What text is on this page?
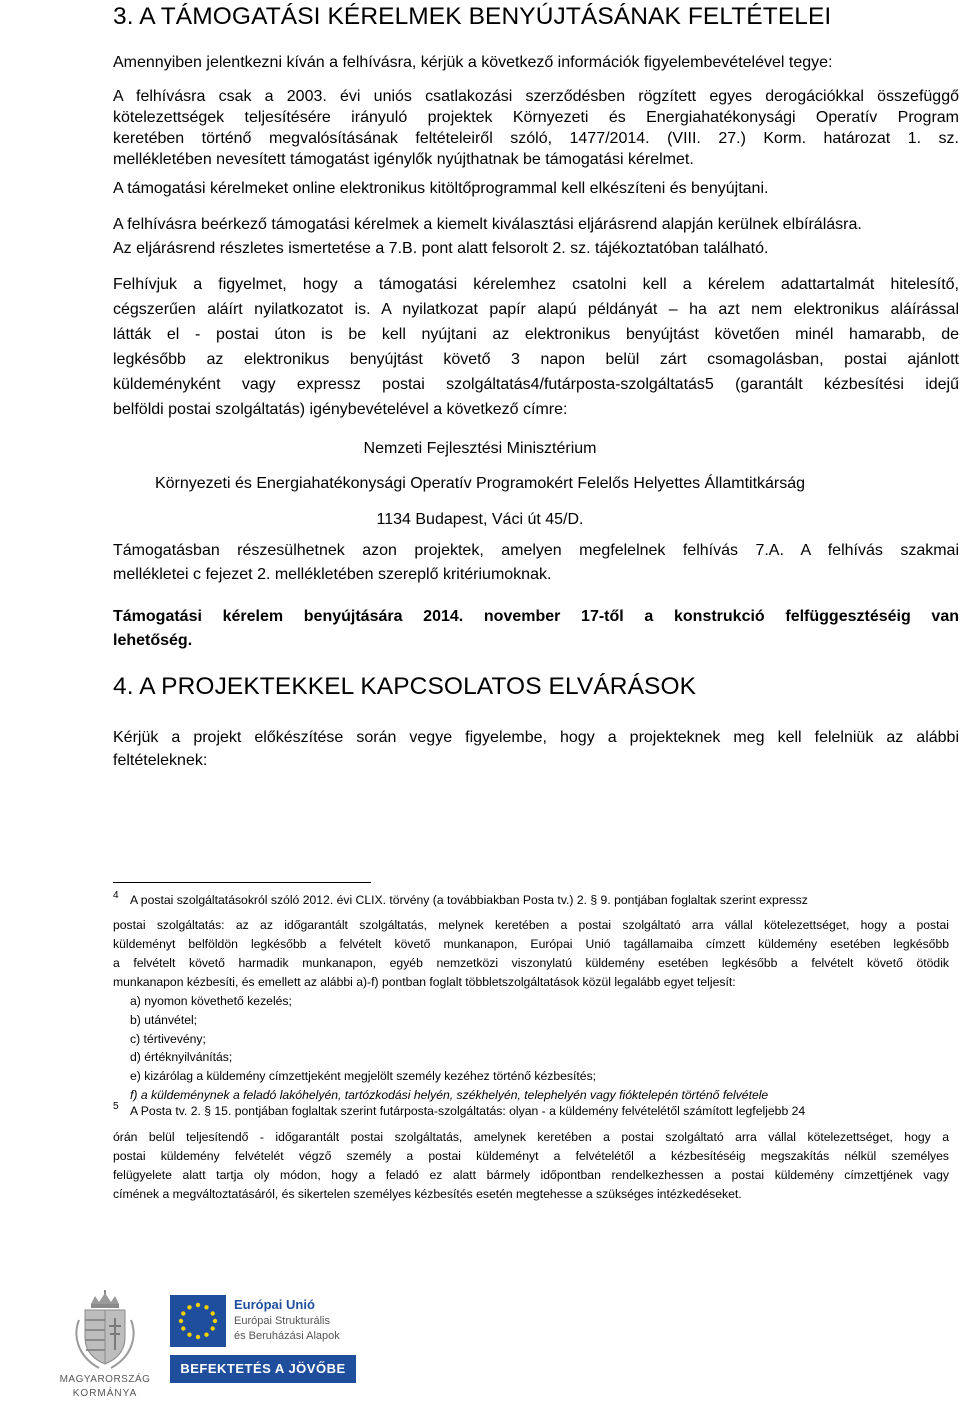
3. A TÁMOGATÁSI KÉRELMEK BENYÚJTÁSÁNAK FELTÉTELEI
Amennyiben jelentkezni kíván a felhívásra, kérjük a következő információk figyelembevételével tegye:
A felhívásra csak a 2003. évi uniós csatlakozási szerződésben rögzített egyes derogációkkal összefüggő
kötelezettségek teljesítésére irányuló projektek Környezeti és Energiahatékonysági Operatív Program
keretében történő megvalósításának feltételeiről szóló, 1477/2014. (VIII. 27.) Korm. határozat 1. sz.
mellékletében nevesített támogatást igénylők nyújthatnak be támogatási kérelmet.
A támogatási kérelmeket online elektronikus kitöltőprogrammal kell elkészíteni és benyújtani.
A felhívásra beérkező támogatási kérelmek a kiemelt kiválasztási eljárásrend alapján kerülnek elbírálásra.
Az eljárásrend részletes ismertetése a 7.B. pont alatt felsorolt 2. sz. tájékoztatóban található.
Felhívjuk a figyelmet, hogy a támogatási kérelemhez csatolni kell a kérelem adattartalmát hitelesítő,
cégszerűen aláírt nyilatkozatot is. A nyilatkozat papír alapú példányát – ha azt nem elektronikus aláírással
látták el - postai úton is be kell nyújtani az elektronikus benyújtást követően minél hamarabb, de
legkésőbb az elektronikus benyújtást követő 3 napon belül zárt csomagolásban, postai ajánlott
küldeményként vagy expressz postai szolgáltatás4/futárposta-szolgáltatás5 (garantált kézbesítési idejű
belföldi postai szolgáltatás) igénybevételével a következő címre:
Nemzeti Fejlesztési Minisztérium
Környezeti és Energiahatékonysági Operatív Programokért Felelős Helyettes Államtitkárság
1134 Budapest, Váci út 45/D.
Támogatásban részesülhetnek azon projektek, amelyen megfelelnek felhívás 7.A. A felhívás szakmai
mellékletei c fejezet 2. mellékletében szereplő kritériumoknak.
Támogatási kérelem benyújtására 2014. november 17-től a konstrukció felfüggesztéséig van
lehetőség.
4. A PROJEKTEKKEL KAPCSOLATOS ELVÁRÁSOK
Kérjük a projekt előkészítése során vegye figyelembe, hogy a projekteknek meg kell felelniük az alábbi
feltételeknek:
$^4$ A postai szolgáltatásokról szóló 2012. évi CLIX. törvény (a továbbiakban Posta tv.) 2. § 9. pontjában foglaltak szerint expressz
postai szolgáltatás: az az időgarantált szolgáltatás, melynek keretében a postai szolgáltató arra vállal kötelezettséget, hogy a postai
küldeményt belföldön legkésőbb a felvételt követő munkanapon, Európai Unió tagállamaiba címzett küldemény esetében legkésőbb
a felvételt követő harmadik munkanapon, egyéb nemzetközi viszonylatú küldemény esetében legkésőbb a felvételt követő ötödik
munkanapon kézbesíti, és emellett az alábbi a)-f) pontban foglalt többletszolgáltatások közül legalább egyet teljesít:
a) nyomon követhető kezelés;
b) utánvétel;
c) tértivevény;
d) értéknyilvánítás;
e) kizárólag a küldemény címzettjeként megjelölt személy kezéhez történő kézbesítés;
f) a küldeménynek a feladó lakóhelyén, tartózkodási helyén, székhelyén, telephelyén vagy fióktelepén történő felvétele
$^5$ A Posta tv. 2. § 15. pontjában foglaltak szerint futárposta-szolgáltatás: olyan - a küldemény felvételétől számított legfeljebb 24
órán belül teljesítendő - időgarantált postai szolgáltatás, amelynek keretében a postai szolgáltató arra vállal kötelezettséget, hogy a
postai küldemény felvételét végző személy a postai küldeményt a felvételétől a kézbesítéséig megszakítás nélkül személyes
felügyelete alatt tartja oly módon, hogy a feladó ez alatt bármely időpontban rendelkezhessen a postai küldemény címzettjének vagy
címének a megváltoztatásáról, és sikertelen személyes kézbesítés esetén megtehesse a szükséges intézkedéseket.
MAGYARORSZÁG
KORMÁNYA
Európai Unió
Európai Strukturális
és Beruházási Alapok
BEFEKTETÉS A JÖVŐBE
